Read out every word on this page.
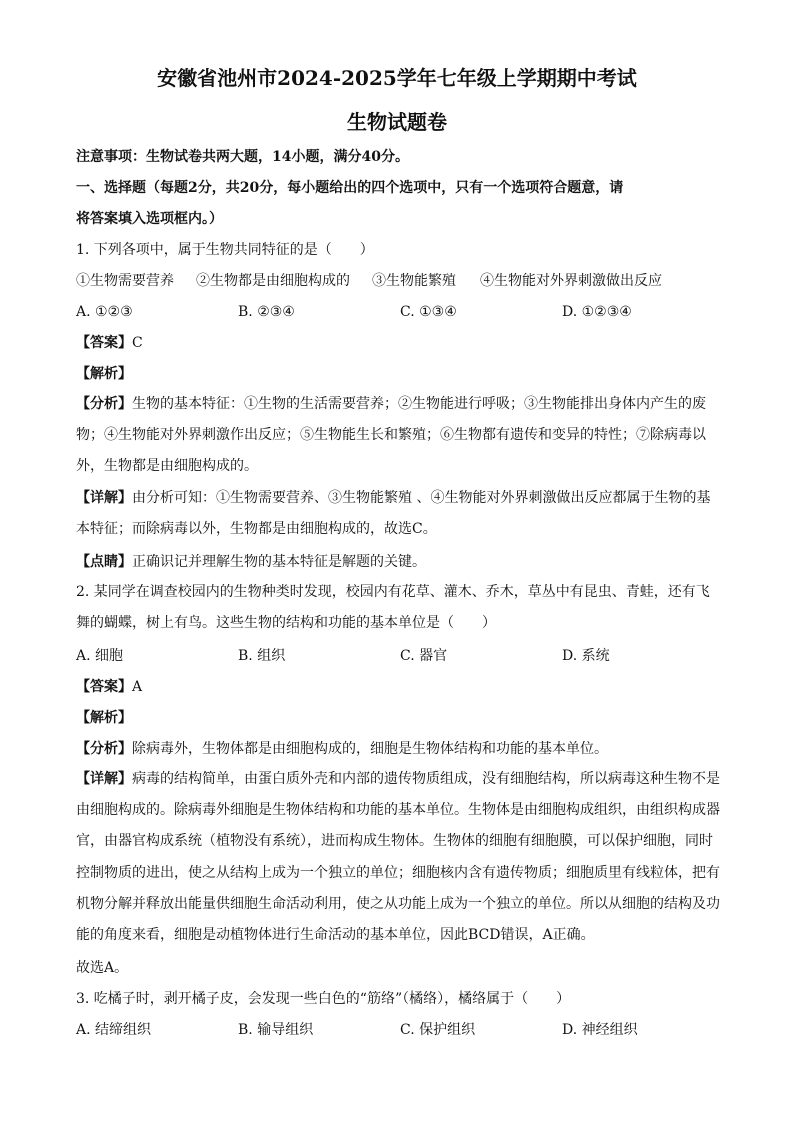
安徽省池州市2024-2025学年七年级上学期期中考试
生物试题卷
注意事项：生物试卷共两大题，14小题，满分40分。
一、选择题（每题2分，共20分，每小题给出的四个选项中，只有一个选项符合题意，请
将答案填入选项框内。）
1. 下列各项中，属于生物共同特征的是（　　）
①生物需要营养 ②生物都是由细胞构成的 ③生物能繁殖 ④生物能对外界刺激做出反应
A. ①②③	B. ②③④	C. ①③④	D. ①②③④
【答案】C
【解析】
【分析】生物的基本特征：①生物的生活需要营养；②生物能进行呼吸；③生物能排出身体内产生的废物；④生物能对外界刺激作出反应；⑤生物能生长和繁殖；⑥生物都有遗传和变异的特性；⑦除病毒以外，生物都是由细胞构成的。
【详解】由分析可知：①生物需要营养、③生物能繁殖 、④生物能对外界刺激做出反应都属于生物的基本特征；而除病毒以外，生物都是由细胞构成的，故选C。
【点睛】正确识记并理解生物的基本特征是解题的关键。
2. 某同学在调查校园内的生物种类时发现，校园内有花草、灌木、乔木，草丛中有昆虫、青蛙，还有飞舞的蝴蝶，树上有鸟。这些生物的结构和功能的基本单位是（　　）
A. 细胞	B. 组织	C. 器官	D. 系统
【答案】A
【解析】
【分析】除病毒外，生物体都是由细胞构成的，细胞是生物体结构和功能的基本单位。
【详解】病毒的结构简单，由蛋白质外壳和内部的遗传物质组成，没有细胞结构，所以病毒这种生物不是由细胞构成的。除病毒外细胞是生物体结构和功能的基本单位。生物体是由细胞构成组织，由组织构成器官，由器官构成系统（植物没有系统），进而构成生物体。生物体的细胞有细胞膜，可以保护细胞，同时控制物质的进出，使之从结构上成为一个独立的单位；细胞核内含有遗传物质；细胞质里有线粒体，把有机物分解并释放出能量供细胞生命活动利用，使之从功能上成为一个独立的单位。所以从细胞的结构及功能的角度来看，细胞是动植物体进行生命活动的基本单位，因此BCD错误，A正确。
故选A。
3. 吃橘子时，剥开橘子皮，会发现一些白色的“筋络”（橘络），橘络属于（　　）
A. 结缔组织	B. 输导组织	C. 保护组织	D. 神经组织
